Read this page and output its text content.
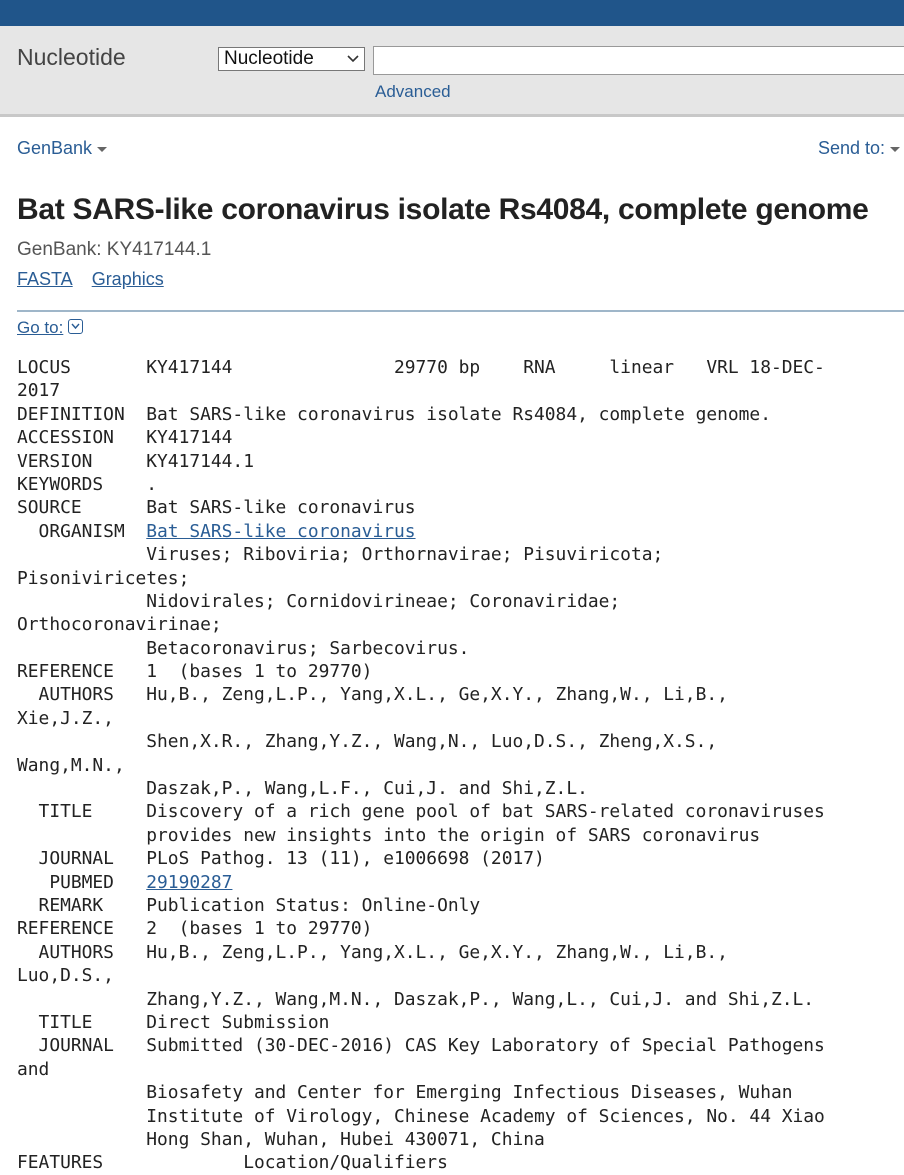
Nucleotide	Nucleotide
Advanced
GenBank	Send to:
Bat SARS-like coronavirus isolate Rs4084, complete genome
GenBank: KY417144.1
FASTA Graphics
Go to:
LOCUS       KY417144               29770 bp    RNA     linear   VRL 18-DEC-
2017
DEFINITION  Bat SARS-like coronavirus isolate Rs4084, complete genome.
ACCESSION   KY417144
VERSION     KY417144.1
KEYWORDS    .
SOURCE      Bat SARS-like coronavirus
ORGANISM  Bat SARS-like coronavirus
Viruses; Riboviria; Orthornavirae; Pisuviricota;
Pisoniviricetes;
Nidovirales; Cornidovirineae; Coronaviridae;
Orthocoronavirinae;
Betacoronavirus; Sarbecovirus.
REFERENCE   1  (bases 1 to 29770)
AUTHORS   Hu,B., Zeng,L.P., Yang,X.L., Ge,X.Y., Zhang,W., Li,B.,
Xie,J.Z.,
Shen,X.R., Zhang,Y.Z., Wang,N., Luo,D.S., Zheng,X.S.,
Wang,M.N.,
Daszak,P., Wang,L.F., Cui,J. and Shi,Z.L.
TITLE     Discovery of a rich gene pool of bat SARS-related coronaviruses
provides new insights into the origin of SARS coronavirus
JOURNAL   PLoS Pathog. 13 (11), e1006698 (2017)
PUBMED   29190287
REMARK    Publication Status: Online-Only
REFERENCE   2  (bases 1 to 29770)
AUTHORS   Hu,B., Zeng,L.P., Yang,X.L., Ge,X.Y., Zhang,W., Li,B.,
Luo,D.S.,
Zhang,Y.Z., Wang,M.N., Daszak,P., Wang,L., Cui,J. and Shi,Z.L.
TITLE     Direct Submission
JOURNAL   Submitted (30-DEC-2016) CAS Key Laboratory of Special Pathogens
and
Biosafety and Center for Emerging Infectious Diseases, Wuhan
Institute of Virology, Chinese Academy of Sciences, No. 44 Xiao
Hong Shan, Wuhan, Hubei 430071, China
FEATURES             Location/Qualifiers
